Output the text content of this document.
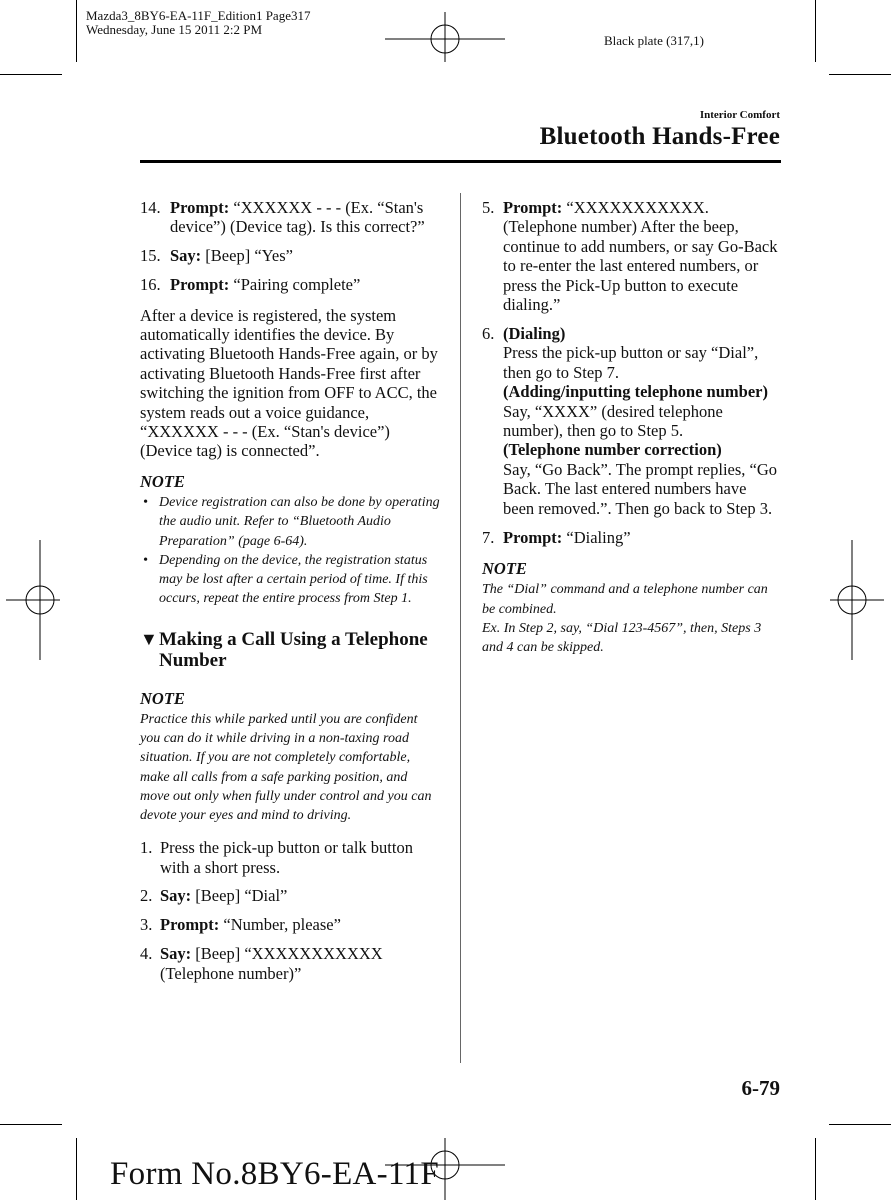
Mazda3_8BY6-EA-11F_Edition1 Page317
Wednesday, June 15 2011 2:2 PM
Black plate (317,1)
Interior Comfort
Bluetooth Hands-Free
14. Prompt: “XXXXXX - - - (Ex. “Stan's device”) (Device tag). Is this correct?”
15. Say: [Beep] “Yes”
16. Prompt: “Pairing complete”

After a device is registered, the system automatically identifies the device. By activating Bluetooth Hands-Free again, or by activating Bluetooth Hands-Free first after switching the ignition from OFF to ACC, the system reads out a voice guidance, “XXXXXX - - - (Ex. “Stan's device”) (Device tag) is connected”.

NOTE
• Device registration can also be done by operating the audio unit. Refer to “Bluetooth Audio Preparation” (page 6-64).
• Depending on the device, the registration status may be lost after a certain period of time. If this occurs, repeat the entire process from Step 1.
▼ Making a Call Using a Telephone Number
NOTE
Practice this while parked until you are confident you can do it while driving in a non-taxing road situation. If you are not completely comfortable, make all calls from a safe parking position, and move out only when fully under control and you can devote your eyes and mind to driving.
1. Press the pick-up button or talk button with a short press.
2. Say: [Beep] “Dial”
3. Prompt: “Number, please”
4. Say: [Beep] “XXXXXXXXXXX (Telephone number)”
5. Prompt: “XXXXXXXXXXX. (Telephone number) After the beep, continue to add numbers, or say Go-Back to re-enter the last entered numbers, or press the Pick-Up button to execute dialing.”
6. (Dialing)
Press the pick-up button or say “Dial”, then go to Step 7.
(Adding/inputting telephone number)
Say, “XXXX” (desired telephone number), then go to Step 5.
(Telephone number correction)
Say, “Go Back”. The prompt replies, “Go Back. The last entered numbers have been removed.”. Then go back to Step 3.
7. Prompt: “Dialing”
NOTE
The “Dial” command and a telephone number can be combined.
Ex. In Step 2, say, “Dial 123-4567”, then, Steps 3 and 4 can be skipped.
6-79
Form No.8BY6-EA-11F
